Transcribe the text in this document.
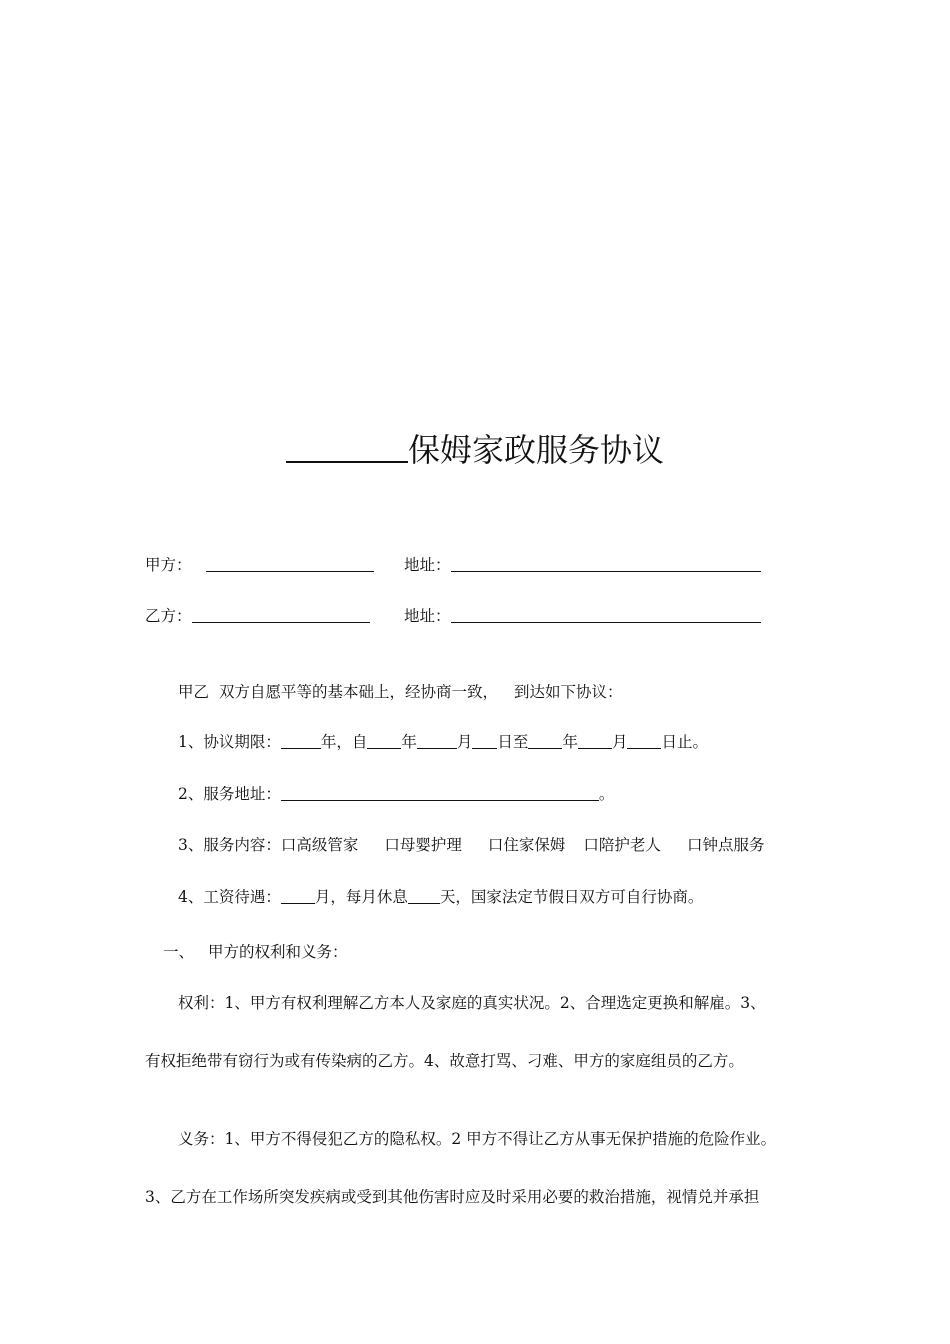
保姆家政服务协议
甲方：	地址：
乙方：	地址：
甲乙 双方自愿平等的基本础上，经协商一致， 到达如下协议：
1、协议期限：	年，自 年	月 日至 年 月 日止。
2、服务地址：	。
3、服务内容：口高级管家 口母婴护理 口住家保姆 口陪护老人 口钟点服务
4、工资待遇： 月，每月休息 天，国家法定节假日双方可自行协商。
一、 甲方的权利和义务：
权利：1、甲方有权利理解乙方本人及家庭的真实状况。2、合理选定更换和解雇。3、
有权拒绝带有窃行为或有传染病的乙方。4、故意打骂、刁难、甲方的家庭组员的乙方。
义务：1、甲方不得侵犯乙方的隐私权。2 甲方不得让乙方从事无保护措施的危险作业。
3、乙方在工作场所突发疾病或受到其他伤害时应及时采用必要的救治措施，视情兑并承担
